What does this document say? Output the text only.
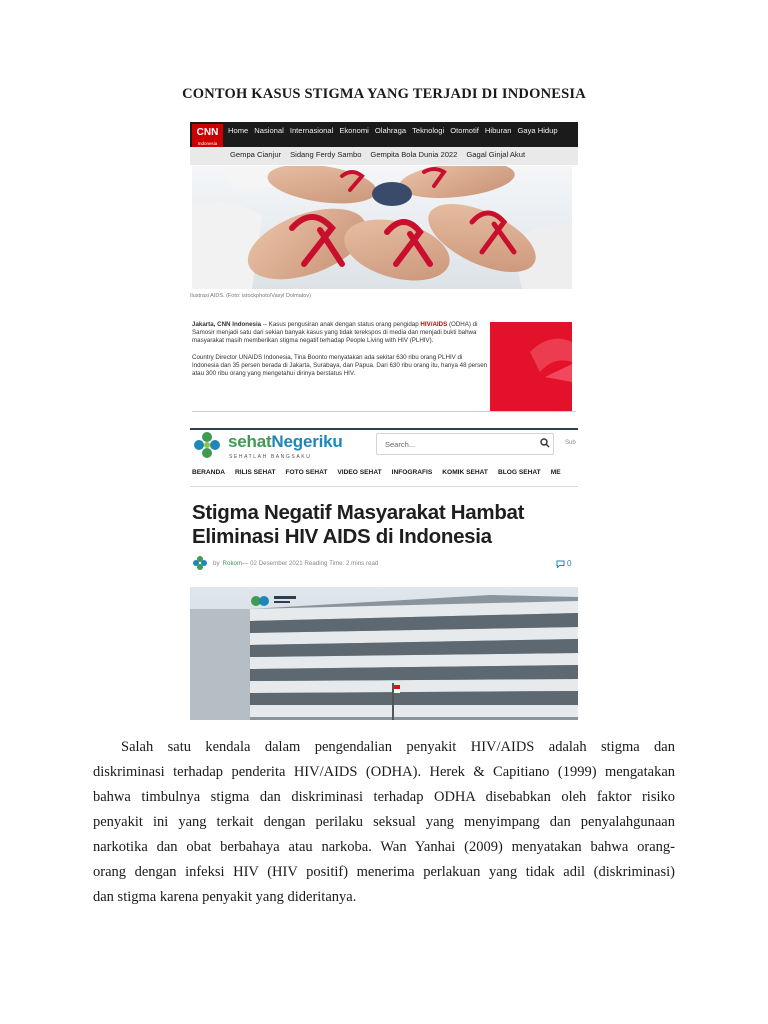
CONTOH KASUS STIGMA YANG TERJADI DI INDONESIA
CNN
Indonesia
Home Nasional Internasional Ekonomi Olahraga Teknologi Otomotif Hiburan Gaya Hidup
Gempa Cianjur Sidang Ferdy Sambo Gempita Bola Dunia 2022 Gagal Ginjal Akut
Ilustrasi AIDS. (Foto: istockphoto/Vasyl Dolmatov)

Jakarta, CNN Indonesia -- Kasus pengusiran anak dengan status orang pengidap HIV/AIDS (ODHA) di Samosir menjadi satu dari sekian banyak kasus yang tidak terekspos di media dan menjadi bukti bahwa masyarakat masih memberikan stigma negatif terhadap People Living with HIV (PLHIV).

Country Director UNAIDS Indonesia, Tina Boonto menyatakan ada sekitar 630 ribu orang PLHIV di Indonesia dan 35 persen berada di Jakarta, Surabaya, dan Papua. Dari 630 ribu orang itu, hanya 48 persen atau 300 ribu orang yang mengetahui dirinya berstatus HIV.

sehatNegeriku
SEHATLAH BANGSAKU
Search...	Sub
BERANDA RILIS SEHAT FOTO SEHAT VIDEO SEHAT INFOGRAFIS KOMIK SEHAT BLOG SEHAT ME
Stigma Negatif Masyarakat Hambat
Eliminasi HIV AIDS di Indonesia
by Rokom — 02 Desember 2021 Reading Time: 2 mins read	0
Salah satu kendala dalam pengendalian penyakit HIV/AIDS adalah stigma dan
diskriminasi terhadap penderita HIV/AIDS (ODHA). Herek & Capitiano (1999) mengatakan
bahwa timbulnya stigma dan diskriminasi terhadap ODHA disebabkan oleh faktor risiko
penyakit ini yang terkait dengan perilaku seksual yang menyimpang dan penyalahgunaan
narkotika dan obat berbahaya atau narkoba. Wan Yanhai (2009) menyatakan bahwa orang-
orang dengan infeksi HIV (HIV positif) menerima perlakuan yang tidak adil (diskriminasi)
dan stigma karena penyakit yang dideritanya.
